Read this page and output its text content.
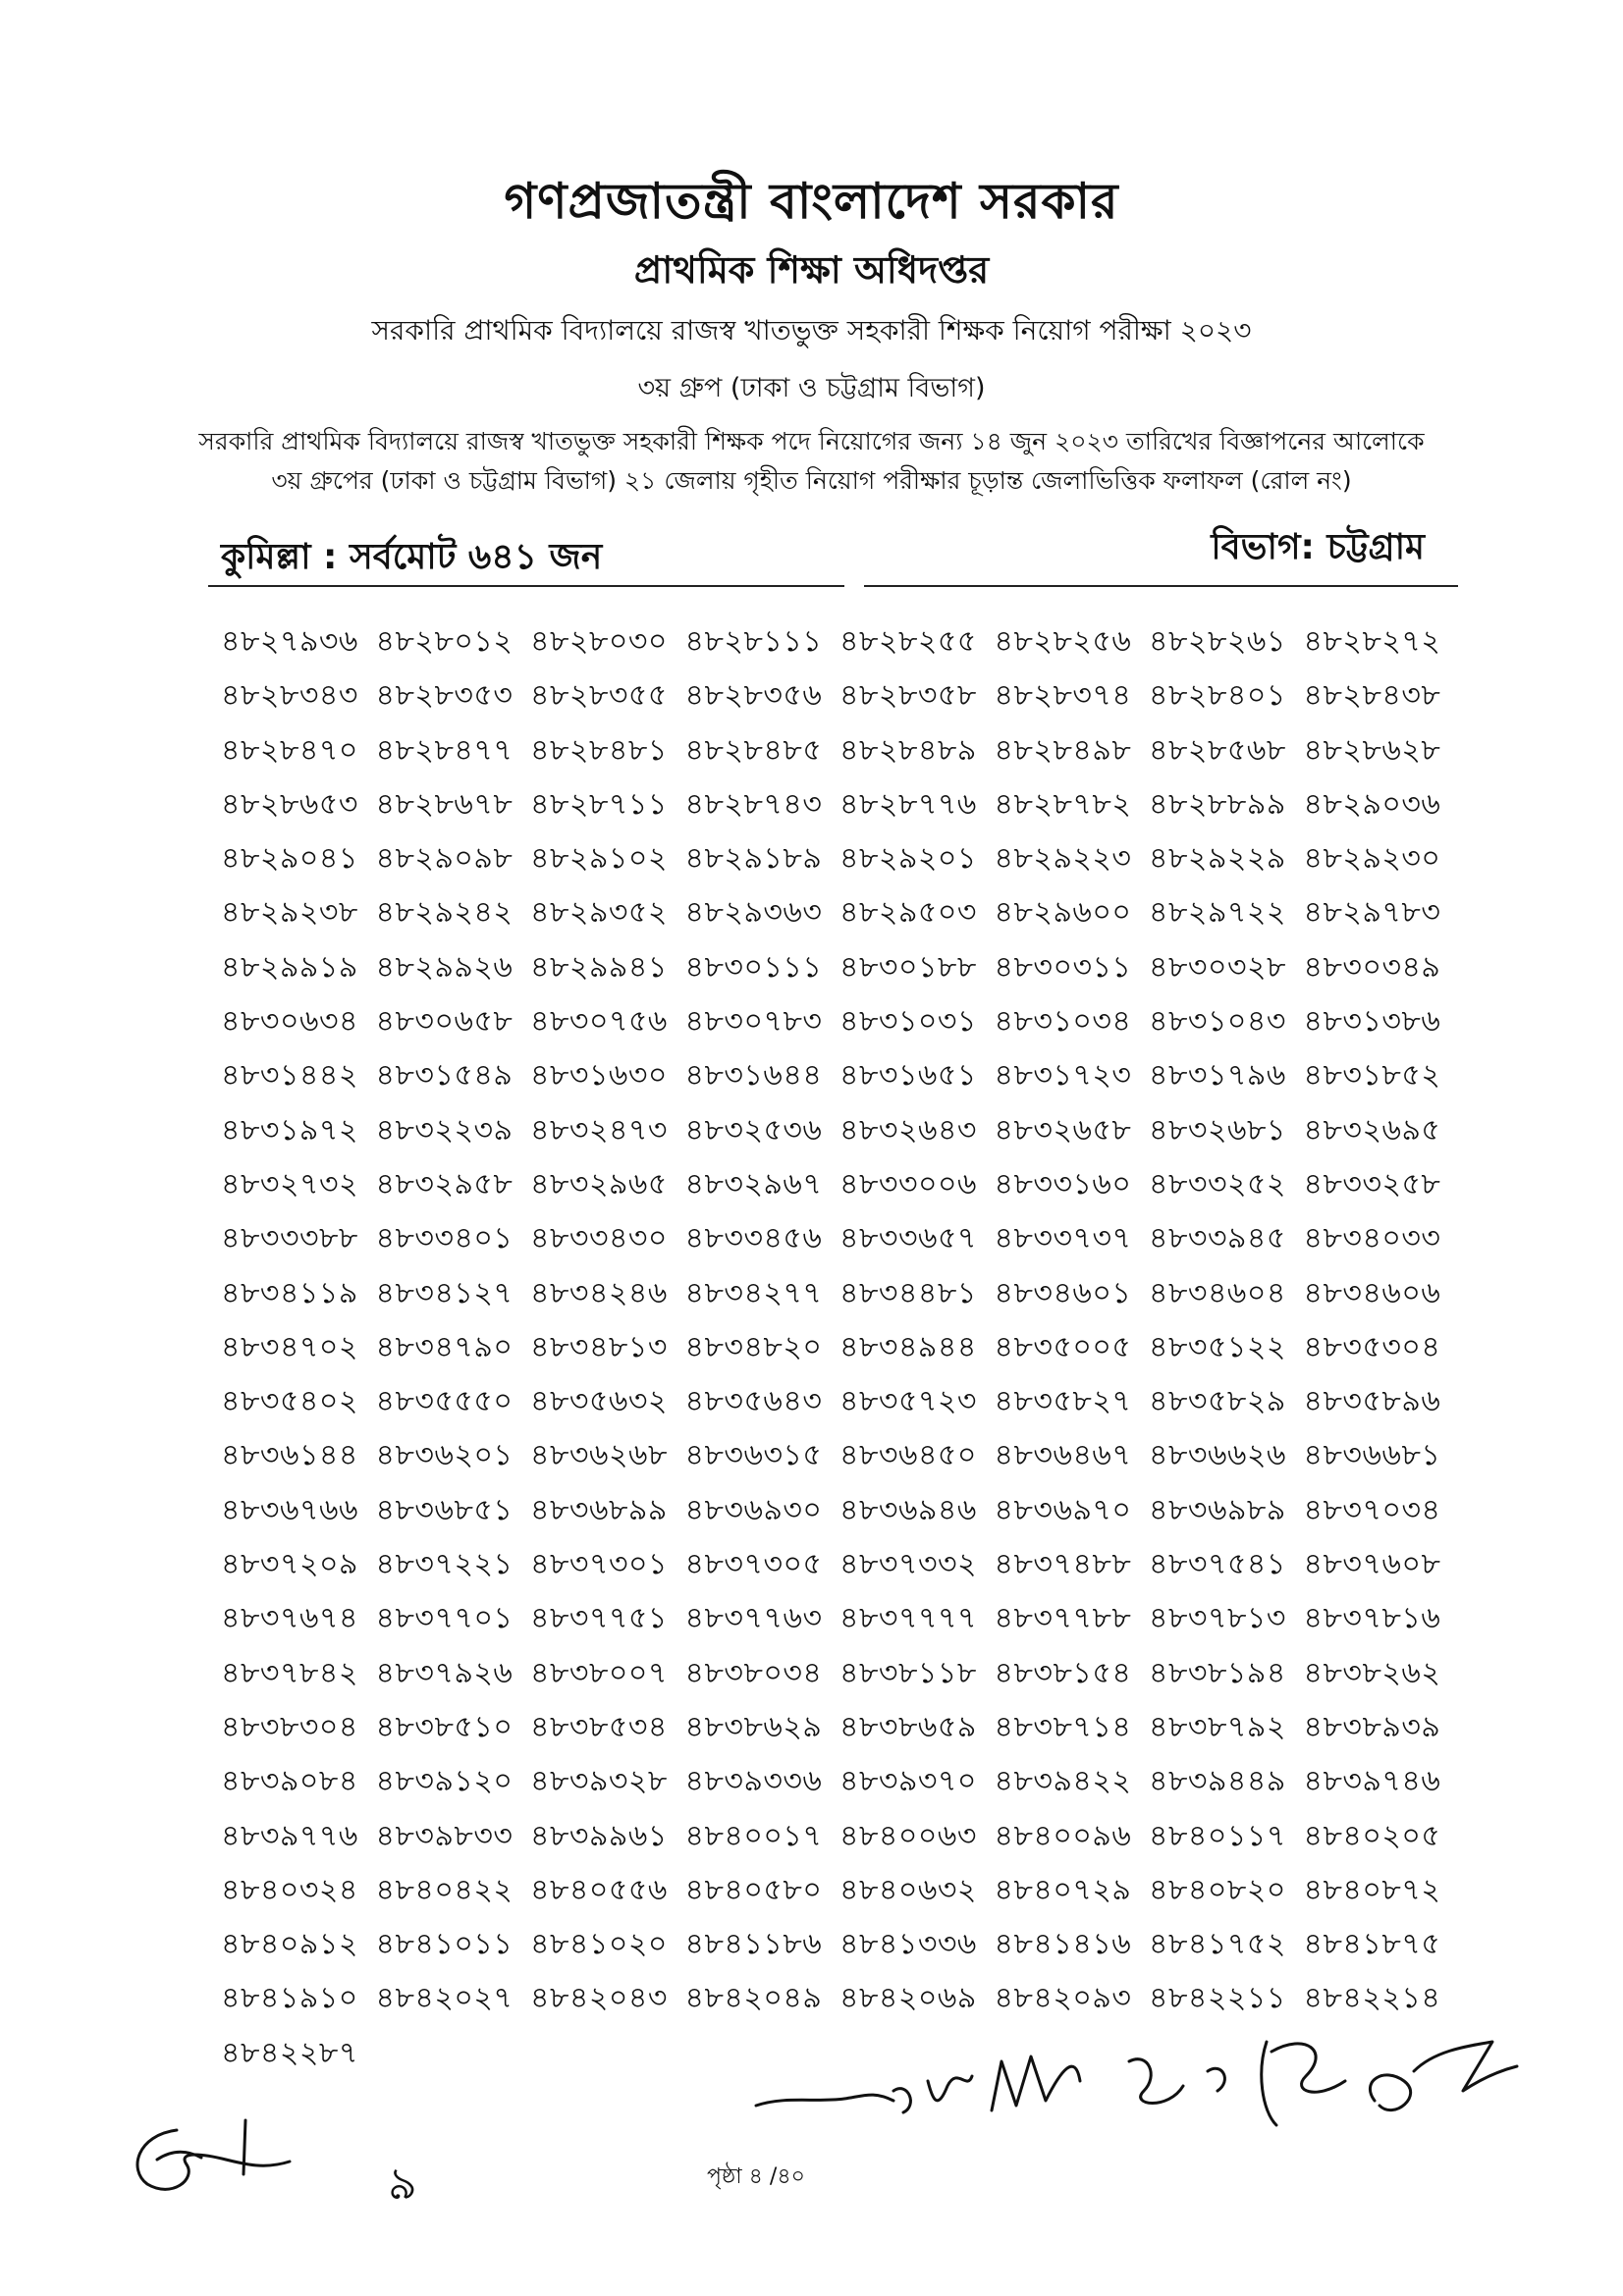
গণপ্রজাতন্ত্রী বাংলাদেশ সরকার
প্রাথমিক শিক্ষা অধিদপ্তর
সরকারি প্রাথমিক বিদ্যালয়ে রাজস্ব খাতভুক্ত সহকারী শিক্ষক নিয়োগ পরীক্ষা ২০২৩
৩য় গ্রুপ (ঢাকা ও চট্টগ্রাম বিভাগ)
সরকারি প্রাথমিক বিদ্যালয়ে রাজস্ব খাতভুক্ত সহকারী শিক্ষক পদে নিয়োগের জন্য ১৪ জুন ২০২৩ তারিখের বিজ্ঞাপনের আলোকে
৩য় গ্রুপের (ঢাকা ও চট্টগ্রাম বিভাগ) ২১ জেলায় গৃহীত নিয়োগ পরীক্ষার চূড়ান্ত জেলাভিত্তিক ফলাফল (রোল নং)
কুমিল্লা : সর্বমোট ৬৪১ জন	বিভাগ: চট্টগ্রাম
৪৮২৭৯৩৬ ৪৮২৮০১২ ৪৮২৮০৩০ ৪৮২৮১১১ ৪৮২৮২৫৫ ৪৮২৮২৫৬ ৪৮২৮২৬১ ৪৮২৮২৭২
৪৮২৮৩৪৩ ৪৮২৮৩৫৩ ৪৮২৮৩৫৫ ৪৮২৮৩৫৬ ৪৮২৮৩৫৮ ৪৮২৮৩৭৪ ৪৮২৮৪০১ ৪৮২৮৪৩৮
৪৮২৮৪৭০ ৪৮২৮৪৭৭ ৪৮২৮৪৮১ ৪৮২৮৪৮৫ ৪৮২৮৪৮৯ ৪৮২৮৪৯৮ ৪৮২৮৫৬৮ ৪৮২৮৬২৮
৪৮২৮৬৫৩ ৪৮২৮৬৭৮ ৪৮২৮৭১১ ৪৮২৮৭৪৩ ৪৮২৮৭৭৬ ৪৮২৮৭৮২ ৪৮২৮৮৯৯ ৪৮২৯০৩৬
৪৮২৯০৪১ ৪৮২৯০৯৮ ৪৮২৯১০২ ৪৮২৯১৮৯ ৪৮২৯২০১ ৪৮২৯২২৩ ৪৮২৯২২৯ ৪৮২৯২৩০
৪৮২৯২৩৮ ৪৮২৯২৪২ ৪৮২৯৩৫২ ৪৮২৯৩৬৩ ৪৮২৯৫০৩ ৪৮২৯৬০০ ৪৮২৯৭২২ ৪৮২৯৭৮৩
৪৮২৯৯১৯ ৪৮২৯৯২৬ ৪৮২৯৯৪১ ৪৮৩০১১১ ৪৮৩০১৮৮ ৪৮৩০৩১১ ৪৮৩০৩২৮ ৪৮৩০৩৪৯
৪৮৩০৬৩৪ ৪৮৩০৬৫৮ ৪৮৩০৭৫৬ ৪৮৩০৭৮৩ ৪৮৩১০৩১ ৪৮৩১০৩৪ ৪৮৩১০৪৩ ৪৮৩১৩৮৬
৪৮৩১৪৪২ ৪৮৩১৫৪৯ ৪৮৩১৬৩০ ৪৮৩১৬৪৪ ৪৮৩১৬৫১ ৪৮৩১৭২৩ ৪৮৩১৭৯৬ ৪৮৩১৮৫২
৪৮৩১৯৭২ ৪৮৩২২৩৯ ৪৮৩২৪৭৩ ৪৮৩২৫৩৬ ৪৮৩২৬৪৩ ৪৮৩২৬৫৮ ৪৮৩২৬৮১ ৪৮৩২৬৯৫
৪৮৩২৭৩২ ৪৮৩২৯৫৮ ৪৮৩২৯৬৫ ৪৮৩২৯৬৭ ৪৮৩৩০০৬ ৪৮৩৩১৬০ ৪৮৩৩২৫২ ৪৮৩৩২৫৮
৪৮৩৩৩৮৮ ৪৮৩৩৪০১ ৪৮৩৩৪৩০ ৪৮৩৩৪৫৬ ৪৮৩৩৬৫৭ ৪৮৩৩৭৩৭ ৪৮৩৩৯৪৫ ৪৮৩৪০৩৩
৪৮৩৪১১৯ ৪৮৩৪১২৭ ৪৮৩৪২৪৬ ৪৮৩৪২৭৭ ৪৮৩৪৪৮১ ৪৮৩৪৬০১ ৪৮৩৪৬০৪ ৪৮৩৪৬০৬
৪৮৩৪৭০২ ৪৮৩৪৭৯০ ৪৮৩৪৮১৩ ৪৮৩৪৮২০ ৪৮৩৪৯৪৪ ৪৮৩৫০০৫ ৪৮৩৫১২২ ৪৮৩৫৩০৪
৪৮৩৫৪০২ ৪৮৩৫৫৫০ ৪৮৩৫৬৩২ ৪৮৩৫৬৪৩ ৪৮৩৫৭২৩ ৪৮৩৫৮২৭ ৪৮৩৫৮২৯ ৪৮৩৫৮৯৬
৪৮৩৬১৪৪ ৪৮৩৬২০১ ৪৮৩৬২৬৮ ৪৮৩৬৩১৫ ৪৮৩৬৪৫০ ৪৮৩৬৪৬৭ ৪৮৩৬৬২৬ ৪৮৩৬৬৮১
৪৮৩৬৭৬৬ ৪৮৩৬৮৫১ ৪৮৩৬৮৯৯ ৪৮৩৬৯৩০ ৪৮৩৬৯৪৬ ৪৮৩৬৯৭০ ৪৮৩৬৯৮৯ ৪৮৩৭০৩৪
৪৮৩৭২০৯ ৪৮৩৭২২১ ৪৮৩৭৩০১ ৪৮৩৭৩০৫ ৪৮৩৭৩৩২ ৪৮৩৭৪৮৮ ৪৮৩৭৫৪১ ৪৮৩৭৬০৮
৪৮৩৭৬৭৪ ৪৮৩৭৭০১ ৪৮৩৭৭৫১ ৪৮৩৭৭৬৩ ৪৮৩৭৭৭৭ ৪৮৩৭৭৮৮ ৪৮৩৭৮১৩ ৪৮৩৭৮১৬
৪৮৩৭৮৪২ ৪৮৩৭৯২৬ ৪৮৩৮০০৭ ৪৮৩৮০৩৪ ৪৮৩৮১১৮ ৪৮৩৮১৫৪ ৪৮৩৮১৯৪ ৪৮৩৮২৬২
৪৮৩৮৩০৪ ৪৮৩৮৫১০ ৪৮৩৮৫৩৪ ৪৮৩৮৬২৯ ৪৮৩৮৬৫৯ ৪৮৩৮৭১৪ ৪৮৩৮৭৯২ ৪৮৩৮৯৩৯
৪৮৩৯০৮৪ ৪৮৩৯১২০ ৪৮৩৯৩২৮ ৪৮৩৯৩৩৬ ৪৮৩৯৩৭০ ৪৮৩৯৪২২ ৪৮৩৯৪৪৯ ৪৮৩৯৭৪৬
৪৮৩৯৭৭৬ ৪৮৩৯৮৩৩ ৪৮৩৯৯৬১ ৪৮৪০০১৭ ৪৮৪০০৬৩ ৪৮৪০০৯৬ ৪৮৪০১১৭ ৪৮৪০২০৫
৪৮৪০৩২৪ ৪৮৪০৪২২ ৪৮৪০৫৫৬ ৪৮৪০৫৮০ ৪৮৪০৬৩২ ৪৮৪০৭২৯ ৪৮৪০৮২০ ৪৮৪০৮৭২
৪৮৪০৯১২ ৪৮৪১০১১ ৪৮৪১০২০ ৪৮৪১১৮৬ ৪৮৪১৩৩৬ ৪৮৪১৪১৬ ৪৮৪১৭৫২ ৪৮৪১৮৭৫
৪৮৪১৯১০ ৪৮৪২০২৭ ৪৮৪২০৪৩ ৪৮৪২০৪৯ ৪৮৪২০৬৯ ৪৮৪২০৯৩ ৪৮৪২২১১ ৪৮৪২২১৪
৪৮৪২২৮৭
পৃষ্ঠা ৪ /৪০
৯
